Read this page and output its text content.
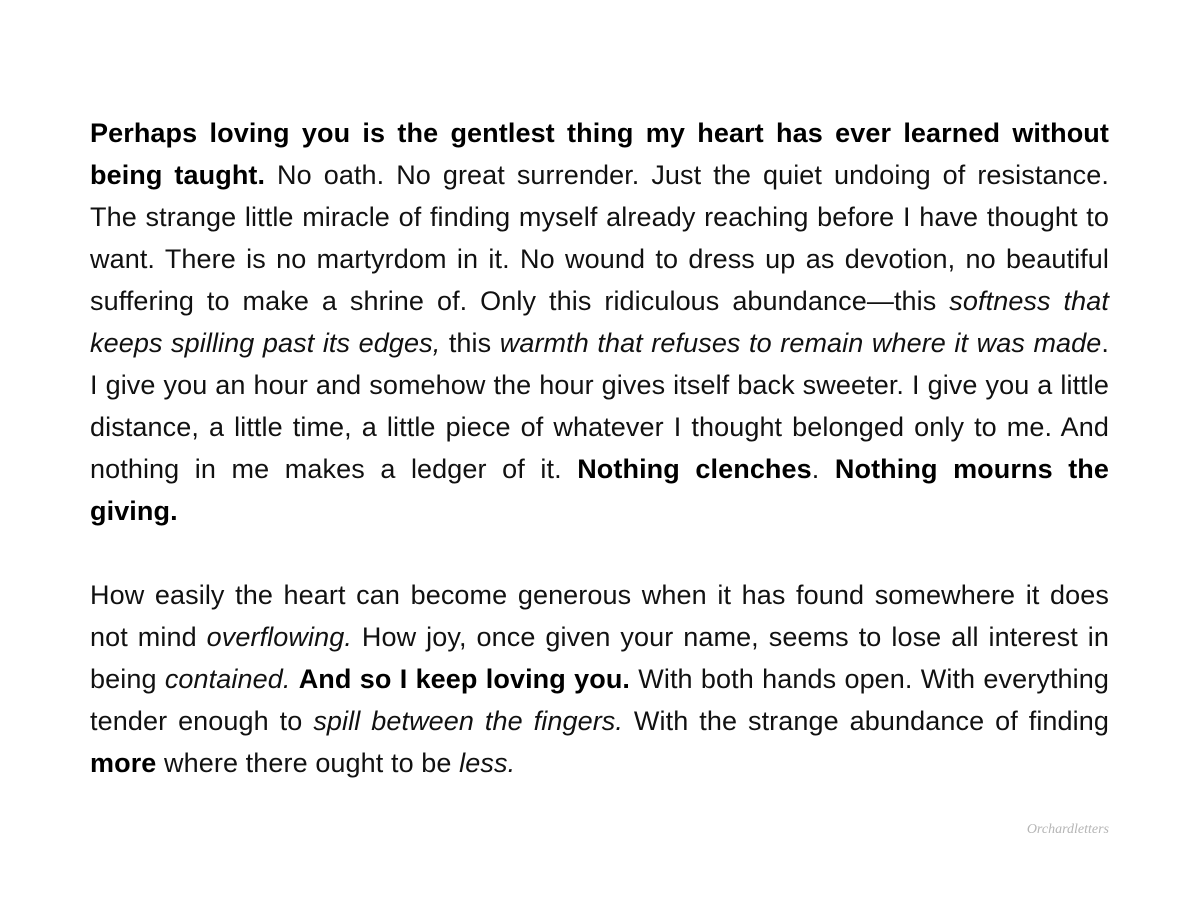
Perhaps loving you is the gentlest thing my heart has ever learned without being taught. No oath. No great surrender. Just the quiet undoing of resistance. The strange little miracle of finding myself already reaching before I have thought to want. There is no martyrdom in it. No wound to dress up as devotion, no beautiful suffering to make a shrine of. Only this ridiculous abundance—this softness that keeps spilling past its edges, this warmth that refuses to remain where it was made. I give you an hour and somehow the hour gives itself back sweeter. I give you a little distance, a little time, a little piece of whatever I thought belonged only to me. And nothing in me makes a ledger of it. Nothing clenches. Nothing mourns the giving.

How easily the heart can become generous when it has found somewhere it does not mind overflowing. How joy, once given your name, seems to lose all interest in being contained. And so I keep loving you. With both hands open. With everything tender enough to spill between the fingers. With the strange abundance of finding more where there ought to be less.

Orchardletters
